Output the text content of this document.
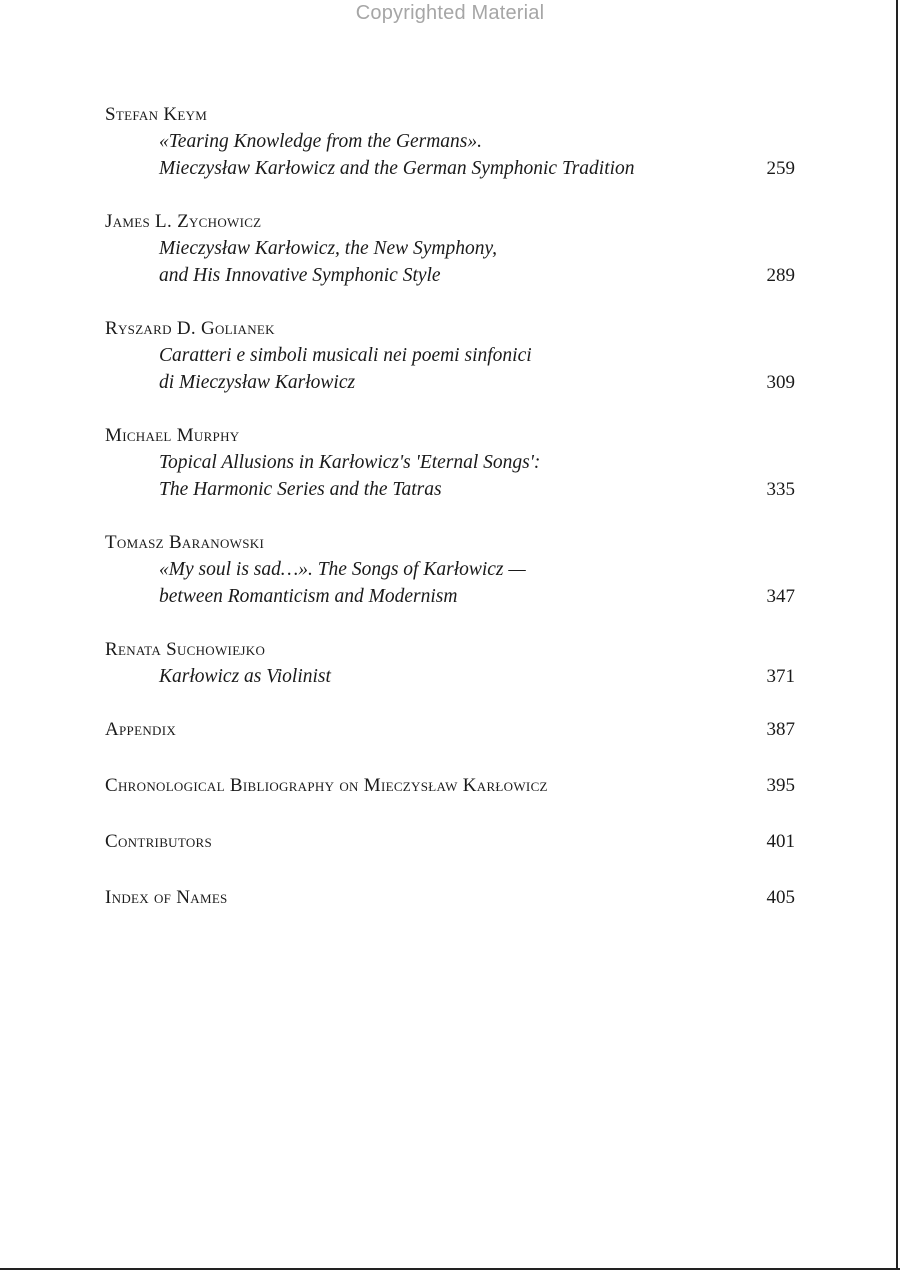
Copyrighted Material
Stefan Keym
«Tearing Knowledge from the Germans».
Mieczysław Karłowicz and the German Symphonic Tradition	259
James L. Zychowicz
Mieczysław Karłowicz, the New Symphony,
and His Innovative Symphonic Style	289
Ryszard D. Golianek
Caratteri e simboli musicali nei poemi sinfonici
di Mieczysław Karłowicz	309
Michael Murphy
Topical Allusions in Karłowicz's 'Eternal Songs':
The Harmonic Series and the Tatras	335
Tomasz Baranowski
«My soul is sad…». The Songs of Karłowicz —
between Romanticism and Modernism	347
Renata Suchowiejko
Karłowicz as Violinist	371
Appendix	387
Chronological Bibliography on Mieczysław Karłowicz	395
Contributors	401
Index of Names	405
